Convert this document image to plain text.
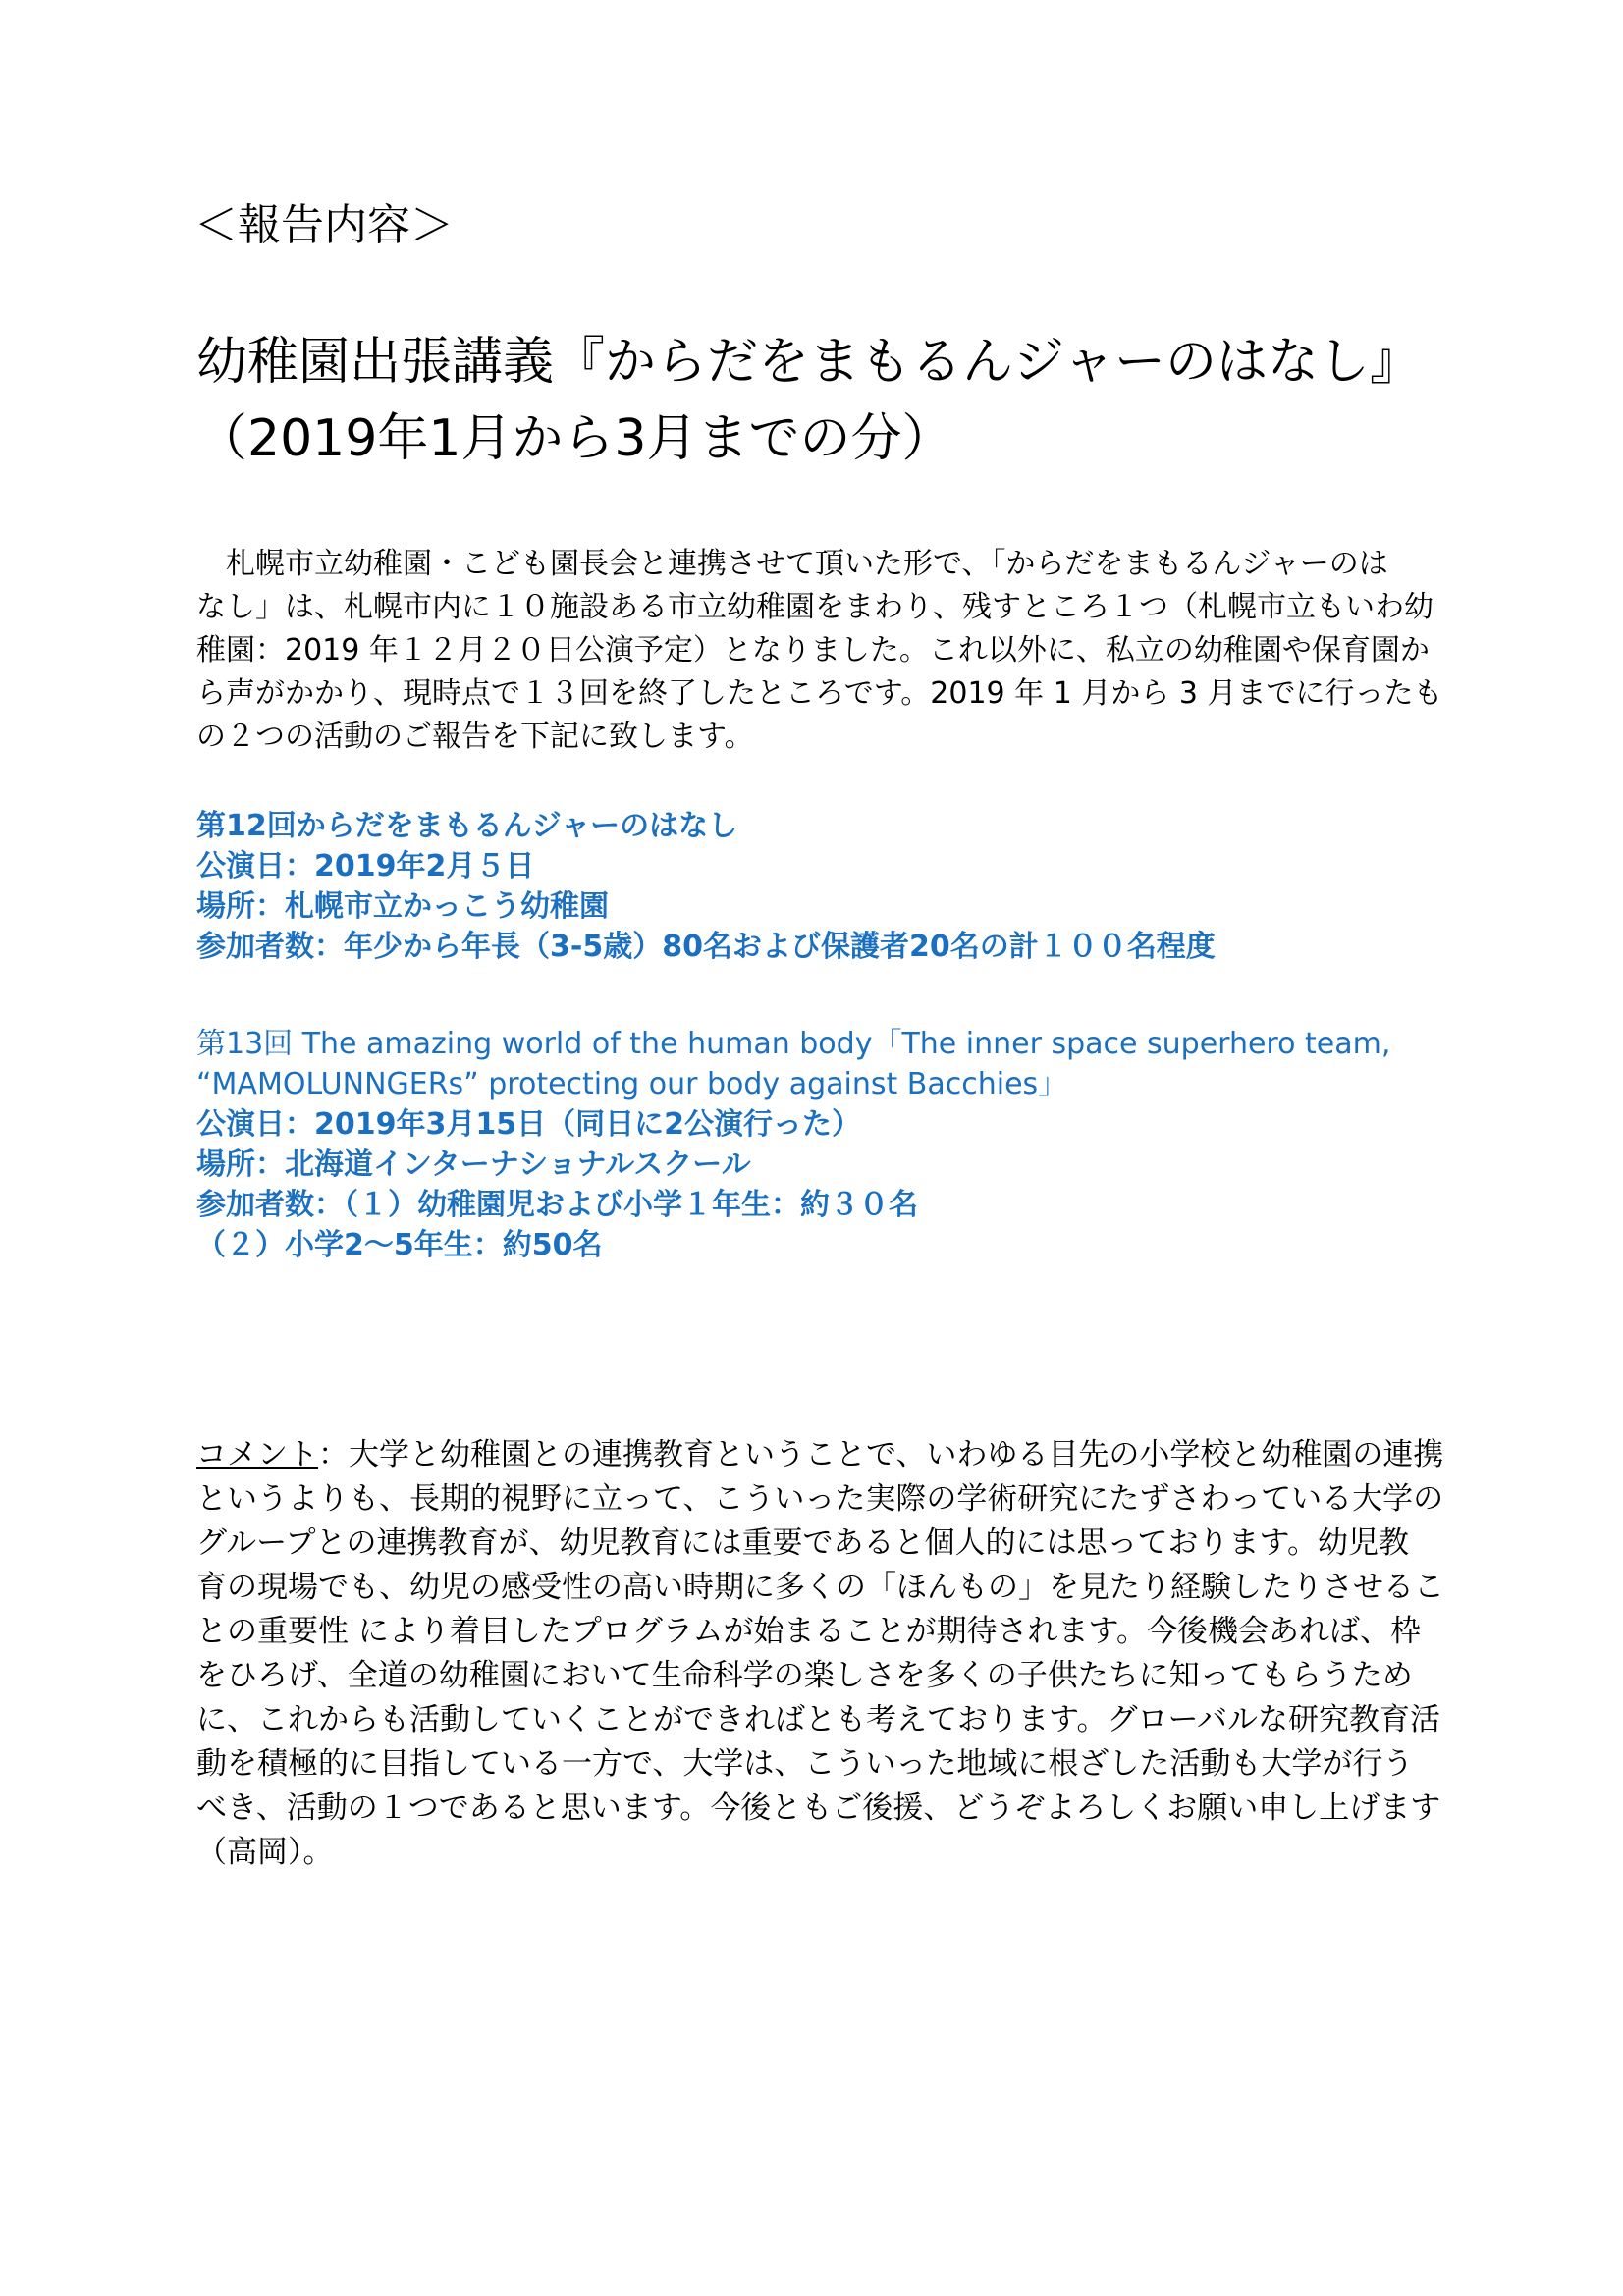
＜報告内容＞
幼稚園出張講義『からだをまもるんジャーのはなし』
（2019年1月から3月までの分）
　札幌市立幼稚園・こども園長会と連携させて頂いた形で、「からだをまもるんジャーのは
なし」は、札幌市内に１０施設ある市立幼稚園をまわり、残すところ１つ（札幌市立もいわ幼
稚園：2019 年１２月２０日公演予定）となりました。これ以外に、私立の幼稚園や保育園か
ら声がかかり、現時点で１３回を終了したところです。2019 年 1 月から 3 月までに行ったも
の２つの活動のご報告を下記に致します。
第12回からだをまもるんジャーのはなし
公演日：2019年2月５日
場所：札幌市立かっこう幼稚園
参加者数：年少から年長（3-5歳）80名および保護者20名の計１００名程度
第13回 The amazing world of the human body「The inner space superhero team,
“MAMOLUNNGERs” protecting our body against Bacchies」
公演日：2019年3月15日（同日に2公演行った）
場所：北海道インターナショナルスクール
参加者数：（１）幼稚園児および小学１年生：約３０名
（２）小学2～5年生：約50名
コメント：大学と幼稚園との連携教育ということで、いわゆる目先の小学校と幼稚園の連携
というよりも、長期的視野に立って、こういった実際の学術研究にたずさわっている大学の
グループとの連携教育が、幼児教育には重要であると個人的には思っております。幼児教
育の現場でも、幼児の感受性の高い時期に多くの「ほんもの」を見たり経験したりさせるこ
との重要性 により着目したプログラムが始まることが期待されます。今後機会あれば、枠
をひろげ、全道の幼稚園において生命科学の楽しさを多くの子供たちに知ってもらうため
に、これからも活動していくことができればとも考えております。グローバルな研究教育活
動を積極的に目指している一方で、大学は、こういった地域に根ざした活動も大学が行う
べき、活動の１つであると思います。今後ともご後援、どうぞよろしくお願い申し上げます
（高岡）。
